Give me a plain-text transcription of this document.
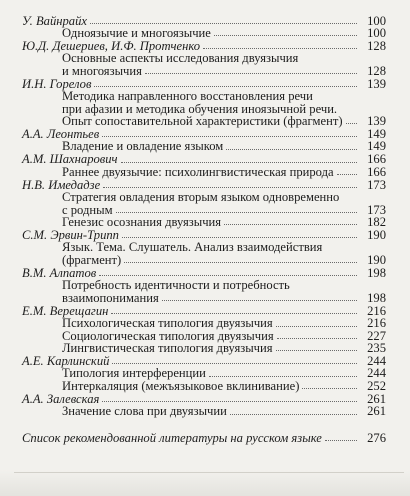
У. Вайнрайх	100
Одноязычие и многоязычие	100
Ю.Д. Дешериев, И.Ф. Протченко	128
Основные аспекты исследования двуязычия
и многоязычия	128
И.Н. Горелов	139
Методика направленного восстановления речи
при афазии и методика обучения иноязычной речи.
Опыт сопоставительной характеристики (фрагмент)	139
А.А. Леонтьев	149
Владение и овладение языком	149
А.М. Шахнарович	166
Раннее двуязычие: психолингвистическая природа	166
Н.В. Имедадзе	173
Стратегия овладения вторым языком одновременно
с родным	173
Генезис осознания двуязычия	182
С.М. Эрвин-Трипп	190
Язык. Тема. Слушатель. Анализ взаимодействия
(фрагмент)	190
В.М. Алпатов	198
Потребность идентичности и потребность
взаимопонимания	198
Е.М. Верещагин	216
Психологическая типология двуязычия	216
Социологическая типология двуязычия	227
Лингвистическая типология двуязычия	235
А.Е. Карлинский	244
Типология интерференции	244
Интеркаляция (межъязыковое вклинивание)	252
А.А. Залевская	261
Значение слова при двуязычии	261
Список рекомендованной литературы на русском языке	276
